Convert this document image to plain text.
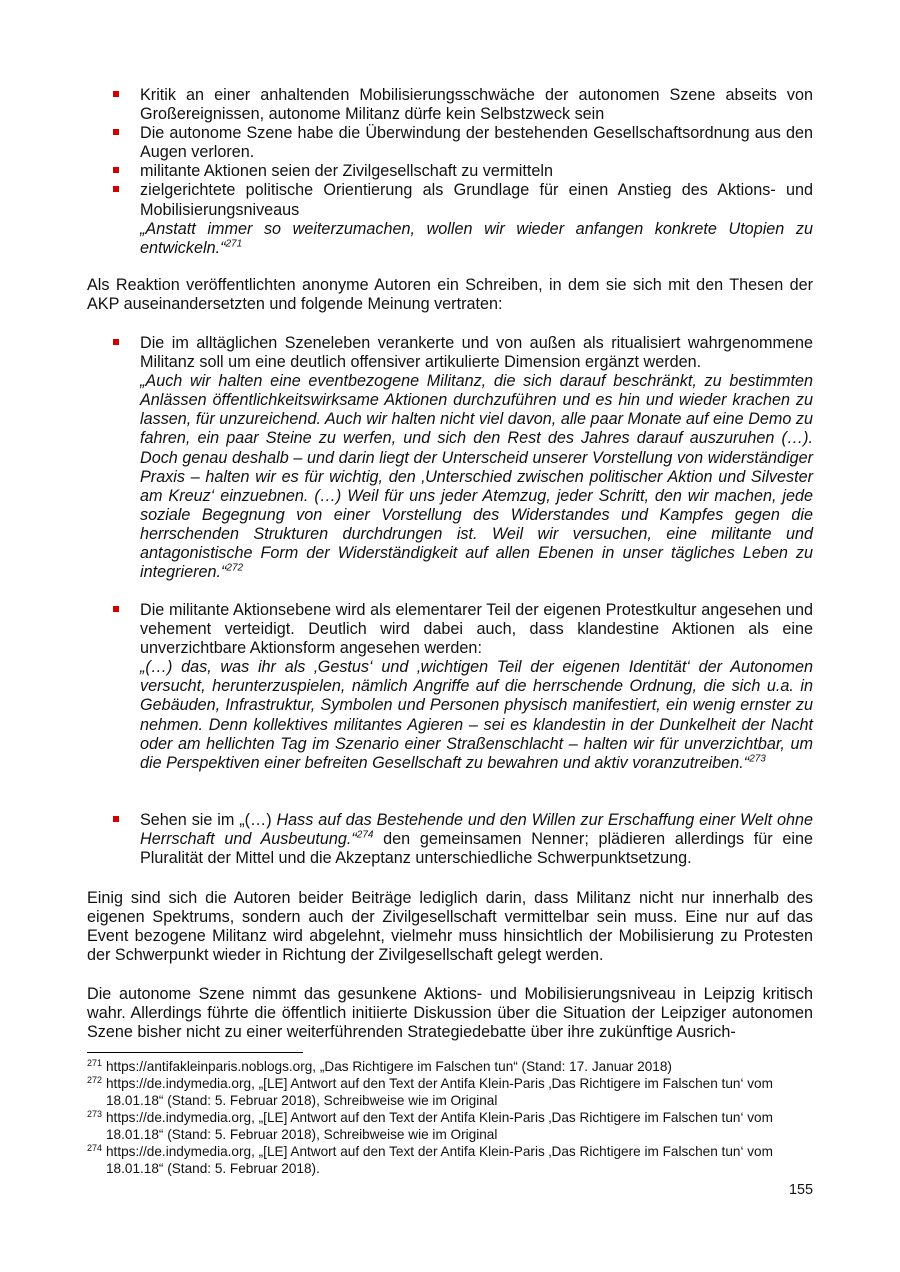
Kritik an einer anhaltenden Mobilisierungsschwäche der autonomen Szene abseits von Großereignissen, autonome Militanz dürfe kein Selbstzweck sein
Die autonome Szene habe die Überwindung der bestehenden Gesellschaftsordnung aus den Augen verloren.
militante Aktionen seien der Zivilgesellschaft zu vermitteln
zielgerichtete politische Orientierung als Grundlage für einen Anstieg des Aktions- und Mobilisierungsniveaus
„Anstatt immer so weiterzumachen, wollen wir wieder anfangen konkrete Utopien zu entwickeln.“$^{271}$
Als Reaktion veröffentlichten anonyme Autoren ein Schreiben, in dem sie sich mit den Thesen der AKP auseinandersetzten und folgende Meinung vertraten:
Die im alltäglichen Szeneleben verankerte und von außen als ritualisiert wahrgenommene Militanz soll um eine deutlich offensiver artikulierte Dimension ergänzt werden.
„Auch wir halten eine eventbezogene Militanz, die sich darauf beschränkt, zu bestimmten Anlässen öffentlichkeitswirksame Aktionen durchzuführen und es hin und wieder krachen zu lassen, für unzureichend. Auch wir halten nicht viel davon, alle paar Monate auf eine Demo zu fahren, ein paar Steine zu werfen, und sich den Rest des Jahres darauf auszuruhen (…). Doch genau deshalb – und darin liegt der Unterscheid unserer Vorstellung von widerständiger Praxis – halten wir es für wichtig, den ‚Unterschied zwischen politischer Aktion und Silvester am Kreuz‘ einzuebnen. (…) Weil für uns jeder Atemzug, jeder Schritt, den wir machen, jede soziale Begegnung von einer Vorstellung des Widerstandes und Kampfes gegen die herrschenden Strukturen durchdrungen ist. Weil wir versuchen, eine militante und antagonistische Form der Widerständigkeit auf allen Ebenen in unser tägliches Leben zu integrieren.“$^{272}$
Die militante Aktionsebene wird als elementarer Teil der eigenen Protestkultur angesehen und vehement verteidigt. Deutlich wird dabei auch, dass klandestine Aktionen als eine unverzichtbare Aktionsform angesehen werden:
„(…) das, was ihr als ‚Gestus‘ und ‚wichtigen Teil der eigenen Identität‘ der Autonomen versucht, herunterzuspielen, nämlich Angriffe auf die herrschende Ordnung, die sich u.a. in Gebäuden, Infrastruktur, Symbolen und Personen physisch manifestiert, ein wenig ernster zu nehmen. Denn kollektives militantes Agieren – sei es klandestin in der Dunkelheit der Nacht oder am hellichten Tag im Szenario einer Straßenschlacht – halten wir für unverzichtbar, um die Perspektiven einer befreiten Gesellschaft zu bewahren und aktiv voranzutreiben.“$^{273}$
Sehen sie im „(…) Hass auf das Bestehende und den Willen zur Erschaffung einer Welt ohne Herrschaft und Ausbeutung.“$^{274}$ den gemeinsamen Nenner; plädieren allerdings für eine Pluralität der Mittel und die Akzeptanz unterschiedliche Schwerpunktsetzung.
Einig sind sich die Autoren beider Beiträge lediglich darin, dass Militanz nicht nur innerhalb des eigenen Spektrums, sondern auch der Zivilgesellschaft vermittelbar sein muss. Eine nur auf das Event bezogene Militanz wird abgelehnt, vielmehr muss hinsichtlich der Mobilisierung zu Protesten der Schwerpunkt wieder in Richtung der Zivilgesellschaft gelegt werden.
Die autonome Szene nimmt das gesunkene Aktions- und Mobilisierungsniveau in Leipzig kritisch wahr. Allerdings führte die öffentlich initiierte Diskussion über die Situation der Leipziger autonomen Szene bisher nicht zu einer weiterführenden Strategiedebatte über ihre zukünftige Ausrich-
271 https://antifakleinparis.noblogs.org, „Das Richtigere im Falschen tun“ (Stand: 17. Januar 2018)
272 https://de.indymedia.org, „[LE] Antwort auf den Text der Antifa Klein-Paris ‚Das Richtigere im Falschen tun‘ vom 18.01.18“ (Stand: 5. Februar 2018), Schreibweise wie im Original
273 https://de.indymedia.org, „[LE] Antwort auf den Text der Antifa Klein-Paris ‚Das Richtigere im Falschen tun‘ vom 18.01.18“ (Stand: 5. Februar 2018), Schreibweise wie im Original
274 https://de.indymedia.org, „[LE] Antwort auf den Text der Antifa Klein-Paris ‚Das Richtigere im Falschen tun‘ vom 18.01.18“ (Stand: 5. Februar 2018).
155
